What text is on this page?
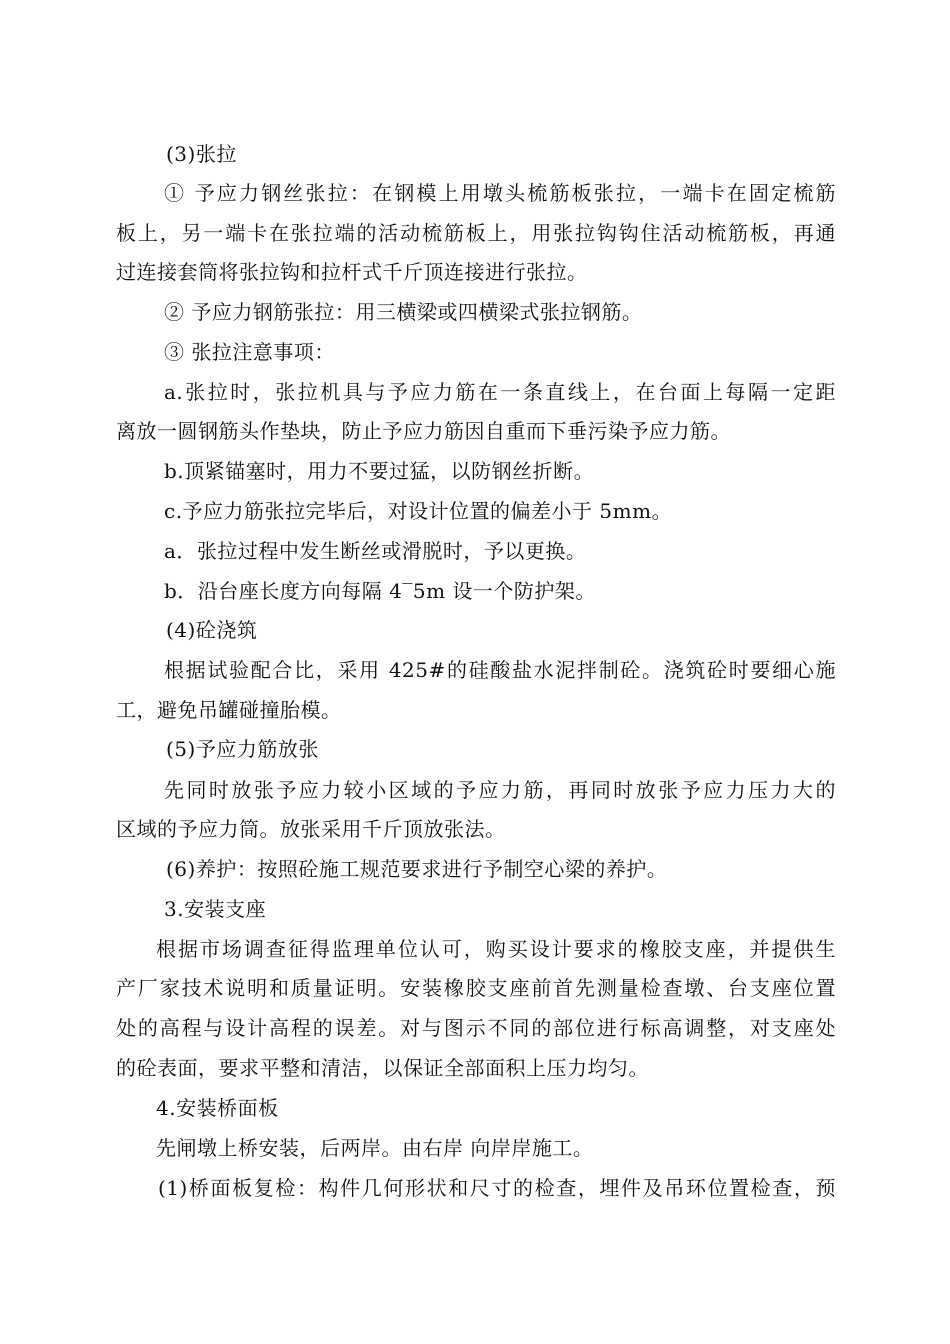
(3)张拉
① 予应力钢丝张拉：在钢模上用墩头梳筋板张拉，一端卡在固定梳筋
板上，另一端卡在张拉端的活动梳筋板上，用张拉钩钩住活动梳筋板，再通
过连接套筒将张拉钩和拉杆式千斤顶连接进行张拉。
② 予应力钢筋张拉：用三横梁或四横梁式张拉钢筋。
③ 张拉注意事项：
a.张拉时，张拉机具与予应力筋在一条直线上，在台面上每隔一定距
离放一圆钢筋头作垫块，防止予应力筋因自重而下垂污染予应力筋。
b.顶紧锚塞时，用力不要过猛，以防钢丝折断。
c.予应力筋张拉完毕后，对设计位置的偏差小于 5mm。
a．张拉过程中发生断丝或滑脱时，予以更换。
b．沿台座长度方向每隔 4‾5m 设一个防护架。
(4)砼浇筑
根据试验配合比，采用 425#的硅酸盐水泥拌制砼。浇筑砼时要细心施
工，避免吊罐碰撞胎模。
(5)予应力筋放张
先同时放张予应力较小区域的予应力筋，再同时放张予应力压力大的
区域的予应力筒。放张采用千斤顶放张法。
(6)养护：按照砼施工规范要求进行予制空心梁的养护。
3.安装支座
根据市场调查征得监理单位认可，购买设计要求的橡胶支座，并提供生
产厂家技术说明和质量证明。安装橡胶支座前首先测量检查墩、台支座位置
处的高程与设计高程的误差。对与图示不同的部位进行标高调整，对支座处
的砼表面，要求平整和清洁，以保证全部面积上压力均匀。
4.安装桥面板
先闸墩上桥安装，后两岸。由右岸 向岸岸施工。
(1)桥面板复检：构件几何形状和尺寸的检查，埋件及吊环位置检查，预
